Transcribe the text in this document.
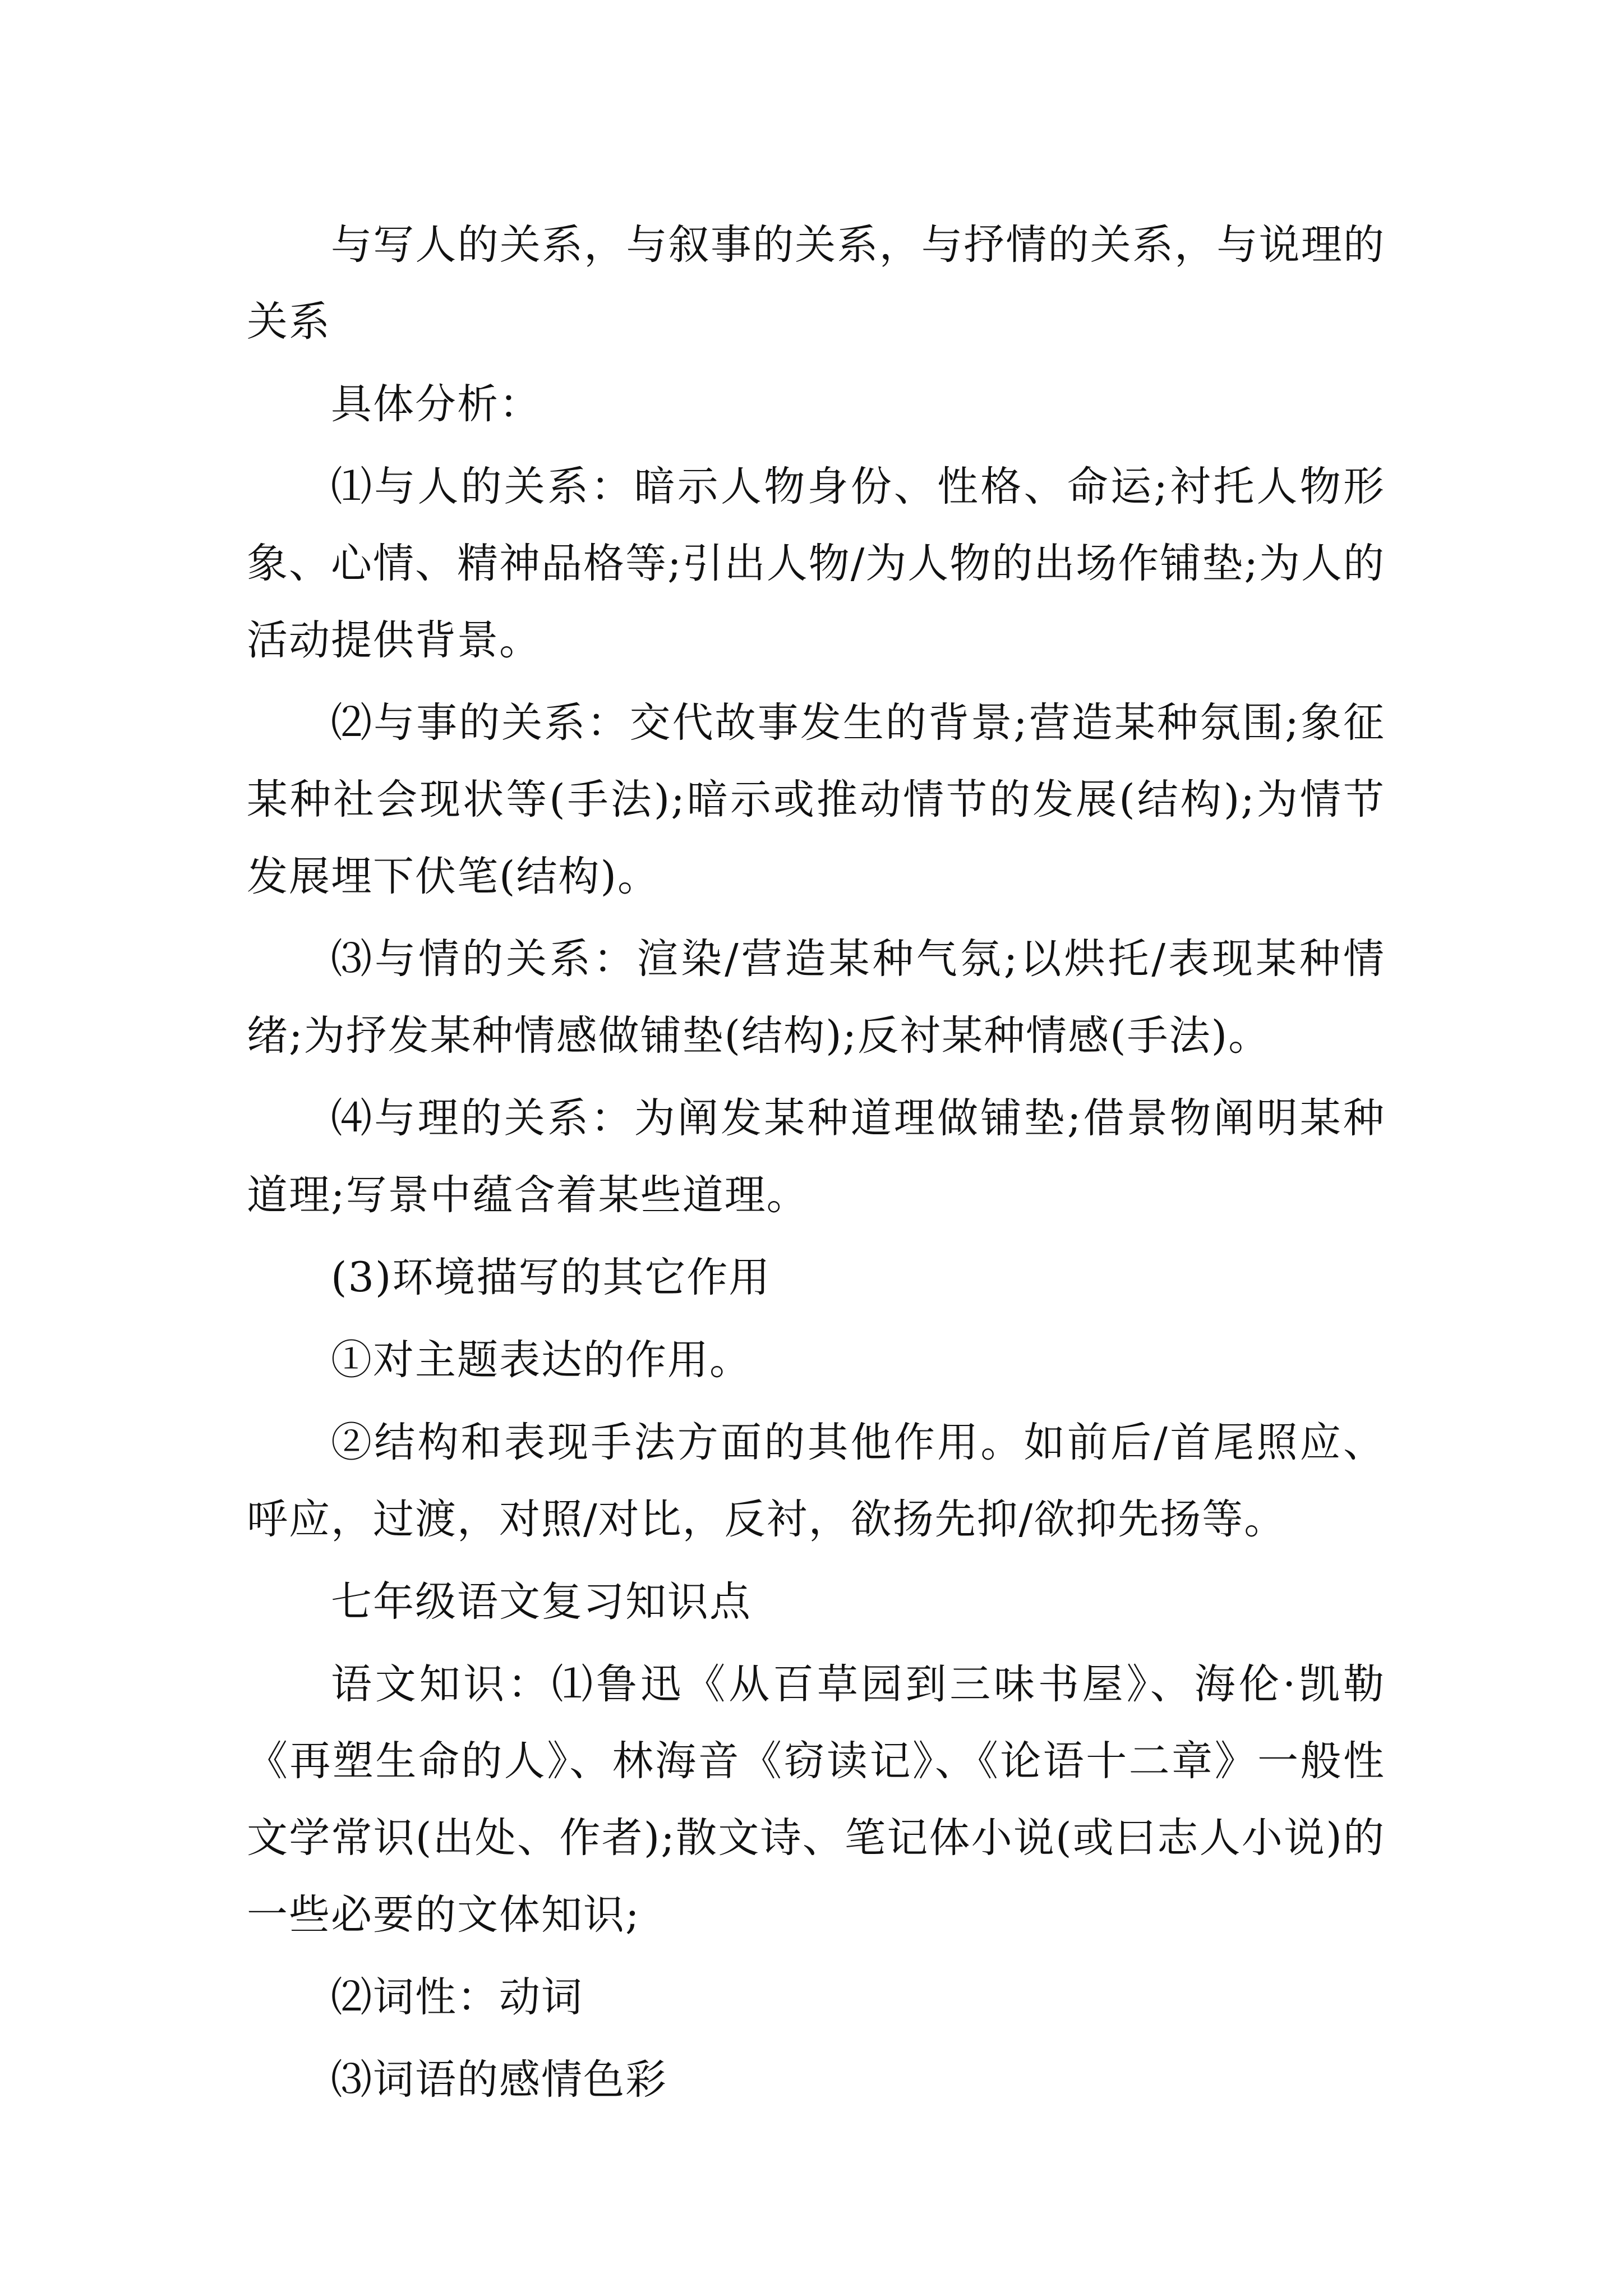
与写人的关系，与叙事的关系，与抒情的关系，与说理的关系

具体分析：

⑴与人的关系：暗示人物身份、性格、命运;衬托人物形象、心情、精神品格等;引出人物/为人物的出场作铺垫;为人的活动提供背景。

⑵与事的关系：交代故事发生的背景;营造某种氛围;象征某种社会现状等(手法);暗示或推动情节的发展(结构);为情节发展埋下伏笔(结构)。

⑶与情的关系：渲染/营造某种气氛;以烘托/表现某种情绪;为抒发某种情感做铺垫(结构);反衬某种情感(手法)。

⑷与理的关系：为阐发某种道理做铺垫;借景物阐明某种道理;写景中蕴含着某些道理。

(3)环境描写的其它作用

①对主题表达的作用。

②结构和表现手法方面的其他作用。如前后/首尾照应、呼应，过渡，对照/对比，反衬，欲扬先抑/欲抑先扬等。

七年级语文复习知识点

语文知识：⑴鲁迅《从百草园到三味书屋》、海伦·凯勒《再塑生命的人》、林海音《窃读记》、《论语十二章》一般性文学常识(出处、作者);散文诗、笔记体小说(或曰志人小说)的一些必要的文体知识;

⑵词性：动词

⑶词语的感情色彩
